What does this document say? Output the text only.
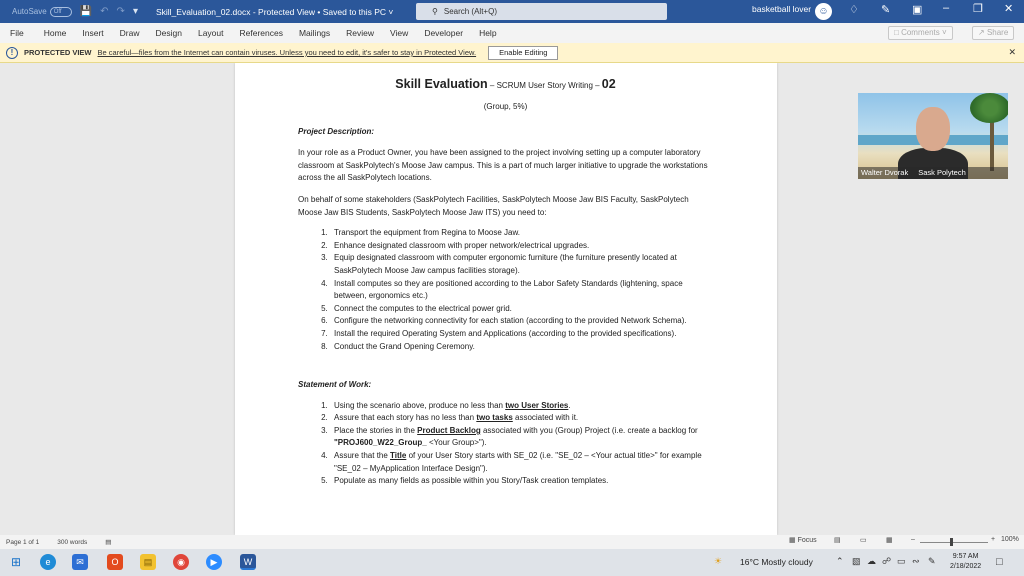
AutoSave	Off	💾 ↶ ↷ ▾ Skill_Evaluation_02.docx - Protected View • Saved to this PC ˅	⚲ Search (Alt+Q)	basketball lover ☺	♢ ✎ ▣ – ❐ ✕
File	Home	Insert	Draw	Design	Layout	References	Mailings	Review	View	Developer	Help	□ Comments ˅	↗ Share
!	PROTECTED VIEW Be careful—files from the Internet can contain viruses. Unless you need to edit, it's safer to stay in Protected View.	Enable Editing	✕
Skill Evaluation – SCRUM User Story Writing – 02

(Group, 5%)

Project Description:

In your role as a Product Owner, you have been assigned to the project involving setting up a computer laboratory classroom at SaskPolytech's Moose Jaw campus. This is a part of much larger initiative to upgrade the workstations across the all SaskPolytech locations.

On behalf of some stakeholders (SaskPolytech Facilities, SaskPolytech Moose Jaw BIS Faculty, SaskPolytech Moose Jaw BIS Students, SaskPolytech Moose Jaw ITS) you need to:

1. Transport the equipment from Regina to Moose Jaw.
2. Enhance designated classroom with proper network/electrical upgrades.
3. Equip designated classroom with computer ergonomic furniture (the furniture presently located at SaskPolytech Moose Jaw campus facilities storage).
4. Install computes so they are positioned according to the Labor Safety Standards (lightening, space between, ergonomics etc.)
5. Connect the computes to the electrical power grid.
6. Configure the networking connectivity for each station (according to the provided Network Schema).
7. Install the required Operating System and Applications (according to the provided specifications).
8. Conduct the Grand Opening Ceremony.

Statement of Work:

1. Using the scenario above, produce no less than two User Stories.
2. Assure that each story has no less than two tasks associated with it.
3. Place the stories in the Product Backlog associated with you (Group) Project (i.e. create a backlog for "PROJ600_W22_Group_ <Your Group>").
4. Assure that the Title of your User Story starts with SE_02 (i.e. "SE_02 – <Your actual title>" for example "SE_02 – MyApplication Interface Design").
5. Populate as many fields as possible within you Story/Task creation templates.
Walter Dvorak Sask Polytech
Page 1 of 1	300 words	▤	▦ Focus ▤	▭	▦	–	+ 100%
⊞	e	✉	O	▤	◉	▶	W	☀ 16°C Mostly cloudy	⌃ ▧ ☁ ☍ ▭ ∾ ✎	9:57 AM
2/18/2022 □
